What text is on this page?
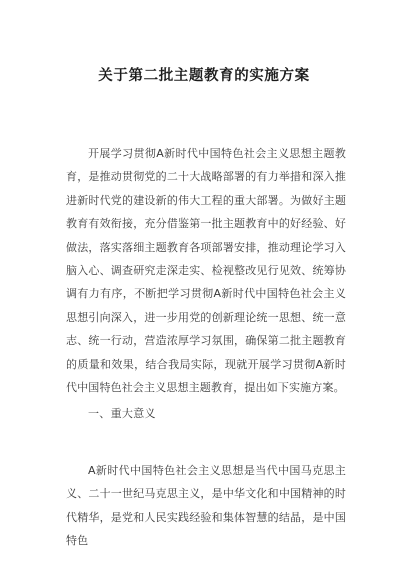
关于第二批主题教育的实施方案

开展学习贯彻A新时代中国特色社会主义思想主题教育，是推动贯彻党的二十大战略部署的有力举措和深入推进新时代党的建设新的伟大工程的重大部署。为做好主题教育有效衔接，充分借鉴第一批主题教育中的好经验、好做法，落实落细主题教育各项部署安排，推动理论学习入脑入心、调查研究走深走实、检视整改见行见效、统筹协调有力有序，不断把学习贯彻A新时代中国特色社会主义思想引向深入，进一步用党的创新理论统一思想、统一意志、统一行动，营造浓厚学习氛围，确保第二批主题教育的质量和效果，结合我局实际，现就开展学习贯彻A新时代中国特色社会主义思想主题教育，提出如下实施方案。

一、重大意义

A新时代中国特色社会主义思想是当代中国马克思主义、二十一世纪马克思主义，是中华文化和中国精神的时代精华，是党和人民实践经验和集体智慧的结晶，是中国特色
